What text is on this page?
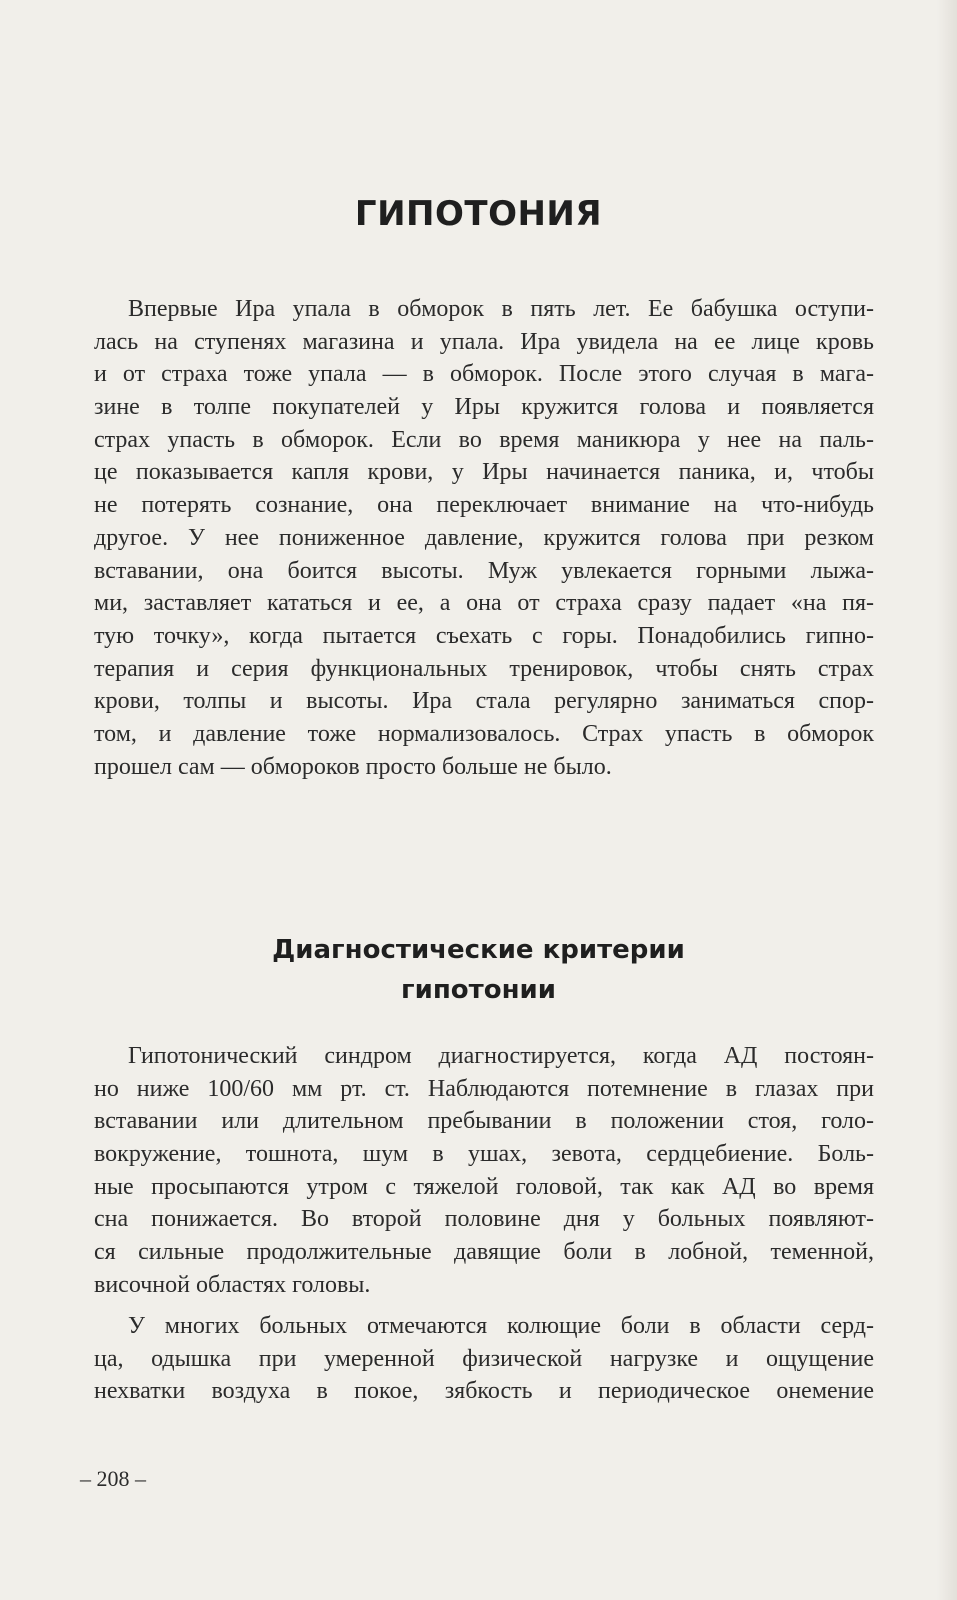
ГИПОТОНИЯ
Впервые Ира упала в обморок в пять лет. Ее бабушка оступи-
лась на ступенях магазина и упала. Ира увидела на ее лице кровь
и от страха тоже упала — в обморок. После этого случая в мага-
зине в толпе покупателей у Иры кружится голова и появляется
страх упасть в обморок. Если во время маникюра у нее на паль-
це показывается капля крови, у Иры начинается паника, и, чтобы
не потерять сознание, она переключает внимание на что-нибудь
другое. У нее пониженное давление, кружится голова при резком
вставании, она боится высоты. Муж увлекается горными лыжа-
ми, заставляет кататься и ее, а она от страха сразу падает «на пя-
тую точку», когда пытается съехать с горы. Понадобились гипно-
терапия и серия функциональных тренировок, чтобы снять страх
крови, толпы и высоты. Ира стала регулярно заниматься спор-
том, и давление тоже нормализовалось. Страх упасть в обморок
прошел сам — обмороков просто больше не было.
Диагностические критерии
гипотонии
Гипотонический синдром диагностируется, когда АД постоян-
но ниже 100/60 мм рт. ст. Наблюдаются потемнение в глазах при
вставании или длительном пребывании в положении стоя, голо-
вокружение, тошнота, шум в ушах, зевота, сердцебиение. Боль-
ные просыпаются утром с тяжелой головой, так как АД во время
сна понижается. Во второй половине дня у больных появляют-
ся сильные продолжительные давящие боли в лобной, теменной,
височной областях головы.
У многих больных отмечаются колющие боли в области серд-
ца, одышка при умеренной физической нагрузке и ощущение
нехватки воздуха в покое, зябкость и периодическое онемение
– 208 –
